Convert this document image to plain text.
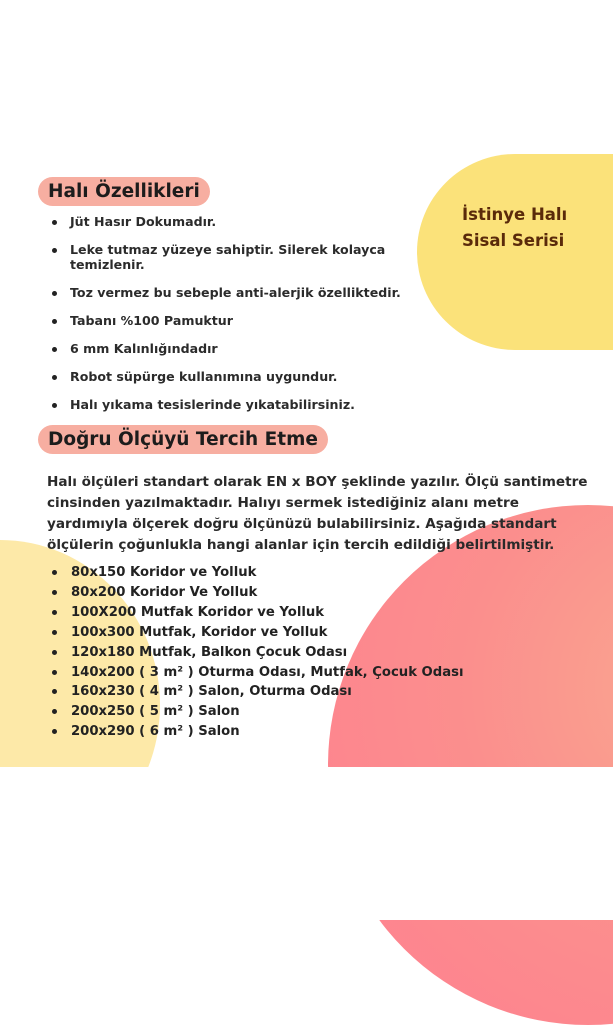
İstinye Halı
Sisal Serisi
Halı Özellikleri
Jüt Hasır Dokumadır.
Leke tutmaz yüzeye sahiptir. Silerek kolayca temizlenir.
Toz vermez bu sebeple anti-alerjik özelliktedir.
Tabanı %100 Pamuktur
6 mm Kalınlığındadır
Robot süpürge kullanımına uygundur.
Halı yıkama tesislerinde yıkatabilirsiniz.
Doğru Ölçüyü Tercih Etme
Halı ölçüleri standart olarak EN x BOY şeklinde yazılır. Ölçü santimetre cinsinden yazılmaktadır. Halıyı sermek istediğiniz alanı metre yardımıyla ölçerek doğru ölçünüzü bulabilirsiniz. Aşağıda standart ölçülerin çoğunlukla hangi alanlar için tercih edildiği belirtilmiştir.
80x150 Koridor ve Yolluk
80x200 Koridor Ve Yolluk
100X200 Mutfak Koridor ve Yolluk
100x300 Mutfak, Koridor ve Yolluk
120x180 Mutfak, Balkon Çocuk Odası
140x200 ( 3 m² ) Oturma Odası, Mutfak, Çocuk Odası
160x230 ( 4 m² ) Salon, Oturma Odası
200x250 ( 5 m² ) Salon
200x290 ( 6 m² ) Salon
